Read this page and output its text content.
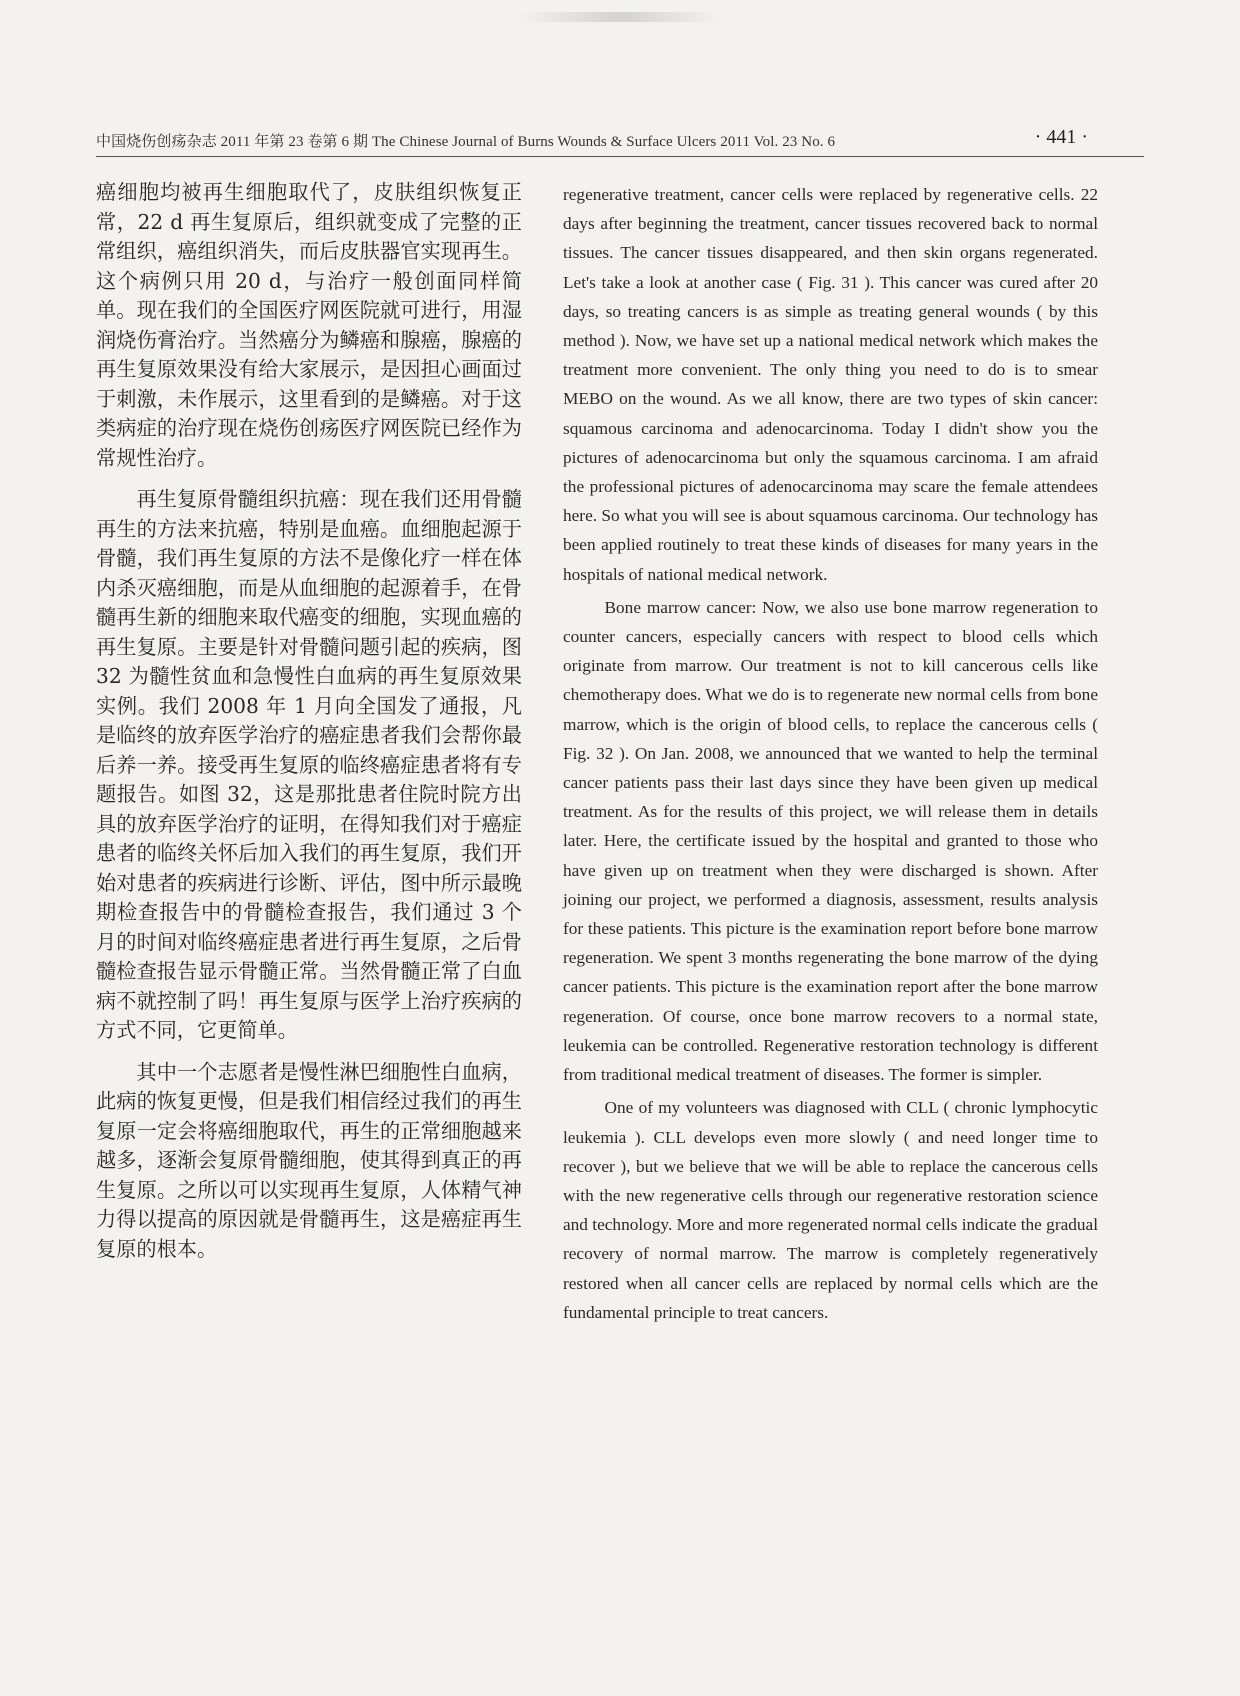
中国烧伤创疡杂志 2011 年第 23 卷第 6 期 The Chinese Journal of Burns Wounds & Surface Ulcers 2011 Vol. 23 No. 6	· 441 ·

癌细胞均被再生细胞取代了，皮肤组织恢复正常，22 d 再生复原后，组织就变成了完整的正常组织，癌组织消失，而后皮肤器官实现再生。这个病例只用 20 d，与治疗一般创面同样简单。现在我们的全国医疗网医院就可进行，用湿润烧伤膏治疗。当然癌分为鳞癌和腺癌，腺癌的再生复原效果没有给大家展示，是因担心画面过于刺激，未作展示，这里看到的是鳞癌。对于这类病症的治疗现在烧伤创疡医疗网医院已经作为常规性治疗。

再生复原骨髓组织抗癌：现在我们还用骨髓再生的方法来抗癌，特别是血癌。血细胞起源于骨髓，我们再生复原的方法不是像化疗一样在体内杀灭癌细胞，而是从血细胞的起源着手，在骨髓再生新的细胞来取代癌变的细胞，实现血癌的再生复原。主要是针对骨髓问题引起的疾病，图 32 为髓性贫血和急慢性白血病的再生复原效果实例。我们 2008 年 1 月向全国发了通报，凡是临终的放弃医学治疗的癌症患者我们会帮你最后养一养。接受再生复原的临终癌症患者将有专题报告。如图 32，这是那批患者住院时院方出具的放弃医学治疗的证明，在得知我们对于癌症患者的临终关怀后加入我们的再生复原，我们开始对患者的疾病进行诊断、评估，图中所示最晚期检查报告中的骨髓检查报告，我们通过 3 个月的时间对临终癌症患者进行再生复原，之后骨髓检查报告显示骨髓正常。当然骨髓正常了白血病不就控制了吗！再生复原与医学上治疗疾病的方式不同，它更简单。

其中一个志愿者是慢性淋巴细胞性白血病，此病的恢复更慢，但是我们相信经过我们的再生复原一定会将癌细胞取代，再生的正常细胞越来越多，逐渐会复原骨髓细胞，使其得到真正的再生复原。之所以可以实现再生复原，人体精气神力得以提高的原因就是骨髓再生，这是癌症再生复原的根本。

regenerative treatment, cancer cells were replaced by regenerative cells. 22 days after beginning the treatment, cancer tissues recovered back to normal tissues. The cancer tissues disappeared, and then skin organs regenerated. Let's take a look at another case ( Fig. 31 ). This cancer was cured after 20 days, so treating cancers is as simple as treating general wounds ( by this method ). Now, we have set up a national medical network which makes the treatment more convenient. The only thing you need to do is to smear MEBO on the wound. As we all know, there are two types of skin cancer: squamous carcinoma and adenocarcinoma. Today I didn't show you the pictures of adenocarcinoma but only the squamous carcinoma. I am afraid the professional pictures of adenocarcinoma may scare the female attendees here. So what you will see is about squamous carcinoma. Our technology has been applied routinely to treat these kinds of diseases for many years in the hospitals of national medical network.

Bone marrow cancer: Now, we also use bone marrow regeneration to counter cancers, especially cancers with respect to blood cells which originate from marrow. Our treatment is not to kill cancerous cells like chemotherapy does. What we do is to regenerate new normal cells from bone marrow, which is the origin of blood cells, to replace the cancerous cells ( Fig. 32 ). On Jan. 2008, we announced that we wanted to help the terminal cancer patients pass their last days since they have been given up medical treatment. As for the results of this project, we will release them in details later. Here, the certificate issued by the hospital and granted to those who have given up on treatment when they were discharged is shown. After joining our project, we performed a diagnosis, assessment, results analysis for these patients. This picture is the examination report before bone marrow regeneration. We spent 3 months regenerating the bone marrow of the dying cancer patients. This picture is the examination report after the bone marrow regeneration. Of course, once bone marrow recovers to a normal state, leukemia can be controlled. Regenerative restoration technology is different from traditional medical treatment of diseases. The former is simpler.

One of my volunteers was diagnosed with CLL ( chronic lymphocytic leukemia ). CLL develops even more slowly ( and need longer time to recover ), but we believe that we will be able to replace the cancerous cells with the new regenerative cells through our regenerative restoration science and technology. More and more regenerated normal cells indicate the gradual recovery of normal marrow. The marrow is completely regeneratively restored when all cancer cells are replaced by normal cells which are the fundamental principle to treat cancers.
